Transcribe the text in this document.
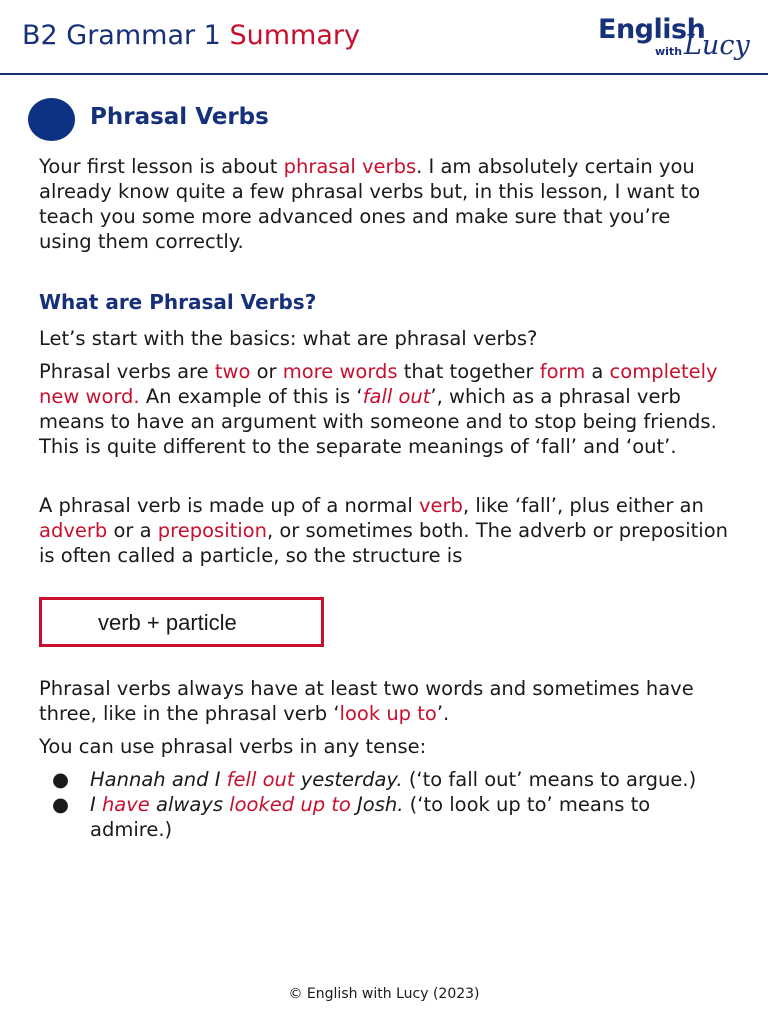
B2 Grammar 1 Summary	English
with Lucy
Phrasal Verbs
Your first lesson is about phrasal verbs. I am absolutely certain you already know quite a few phrasal verbs but, in this lesson, I want to teach you some more advanced ones and make sure that you’re using them correctly.
What are Phrasal Verbs?
Let’s start with the basics: what are phrasal verbs?
Phrasal verbs are two or more words that together form a completely new word. An example of this is ‘fall out’, which as a phrasal verb means to have an argument with someone and to stop being friends. This is quite different to the separate meanings of ‘fall’ and ‘out’.
A phrasal verb is made up of a normal verb, like ‘fall’, plus either an adverb or a preposition, or sometimes both. The adverb or preposition is often called a particle, so the structure is
verb + particle
Phrasal verbs always have at least two words and sometimes have three, like in the phrasal verb ‘look up to’.
You can use phrasal verbs in any tense:
● Hannah and I fell out yesterday. (‘to fall out’ means to argue.)
● I have always looked up to Josh. (‘to look up to’ means to admire.)
© English with Lucy (2023)
